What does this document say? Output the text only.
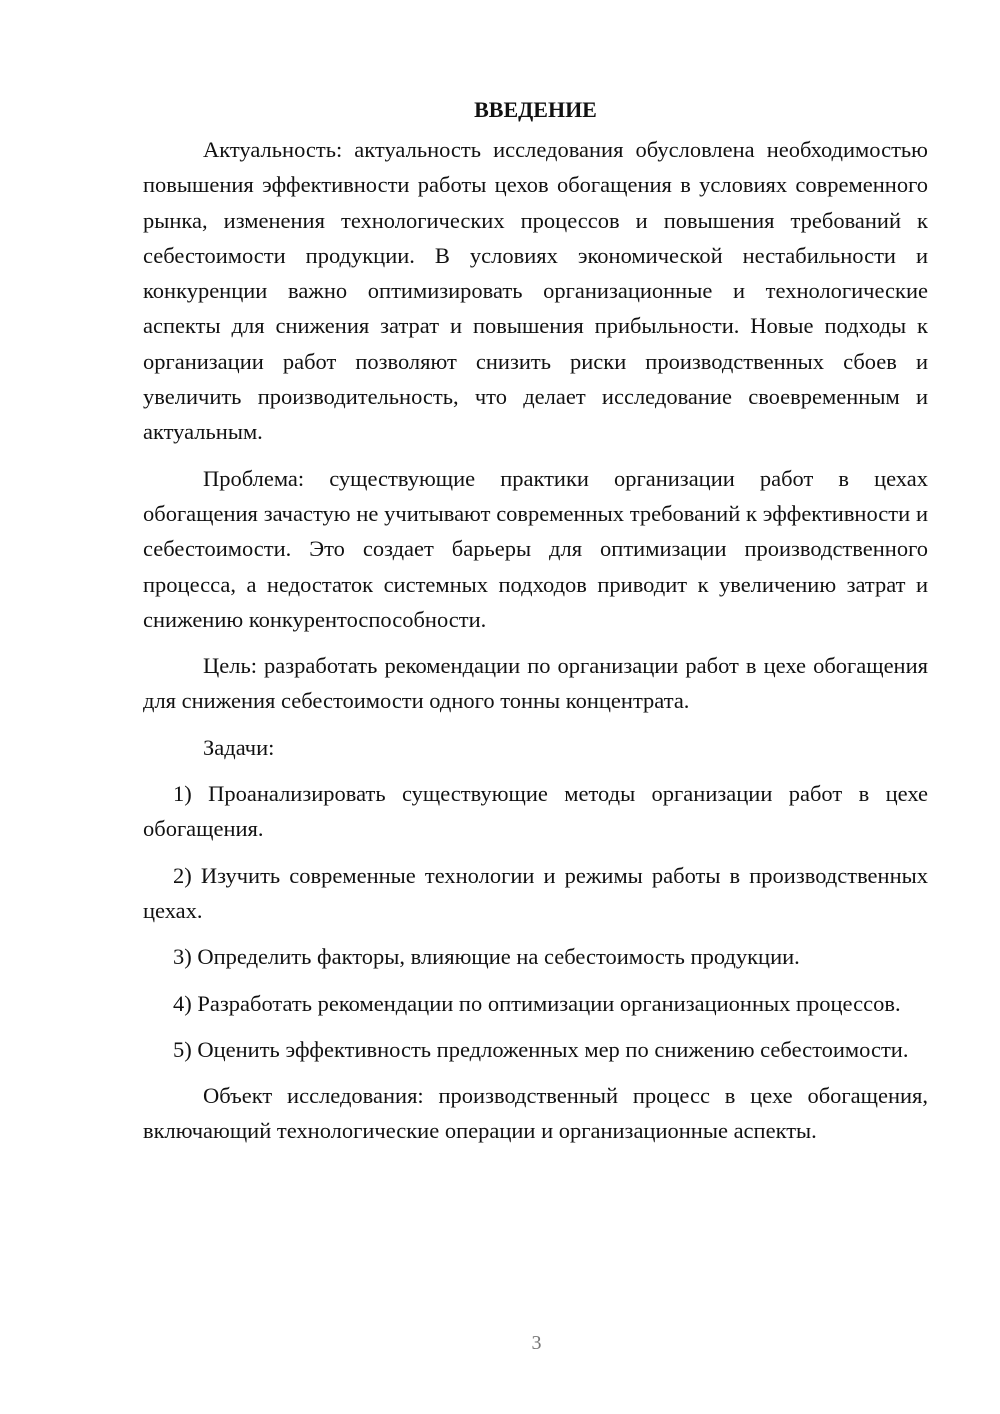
ВВЕДЕНИЕ

Актуальность: актуальность исследования обусловлена необходимостью повышения эффективности работы цехов обогащения в условиях современного рынка, изменения технологических процессов и повышения требований к себестоимости продукции. В условиях экономической нестабильности и конкуренции важно оптимизировать организационные и технологические аспекты для снижения затрат и повышения прибыльности. Новые подходы к организации работ позволяют снизить риски производственных сбоев и увеличить производительность, что делает исследование своевременным и актуальным.

Проблема: существующие практики организации работ в цехах обогащения зачастую не учитывают современных требований к эффективности и себестоимости. Это создает барьеры для оптимизации производственного процесса, а недостаток системных подходов приводит к увеличению затрат и снижению конкурентоспособности.

Цель: разработать рекомендации по организации работ в цехе обогащения для снижения себестоимости одного тонны концентрата.

Задачи:

1) Проанализировать существующие методы организации работ в цехе обогащения.

2) Изучить современные технологии и режимы работы в производственных цехах.

3) Определить факторы, влияющие на себестоимость продукции.

4) Разработать рекомендации по оптимизации организационных процессов.

5) Оценить эффективность предложенных мер по снижению себестоимости.

Объект исследования: производственный процесс в цехе обогащения, включающий технологические операции и организационные аспекты.

3
